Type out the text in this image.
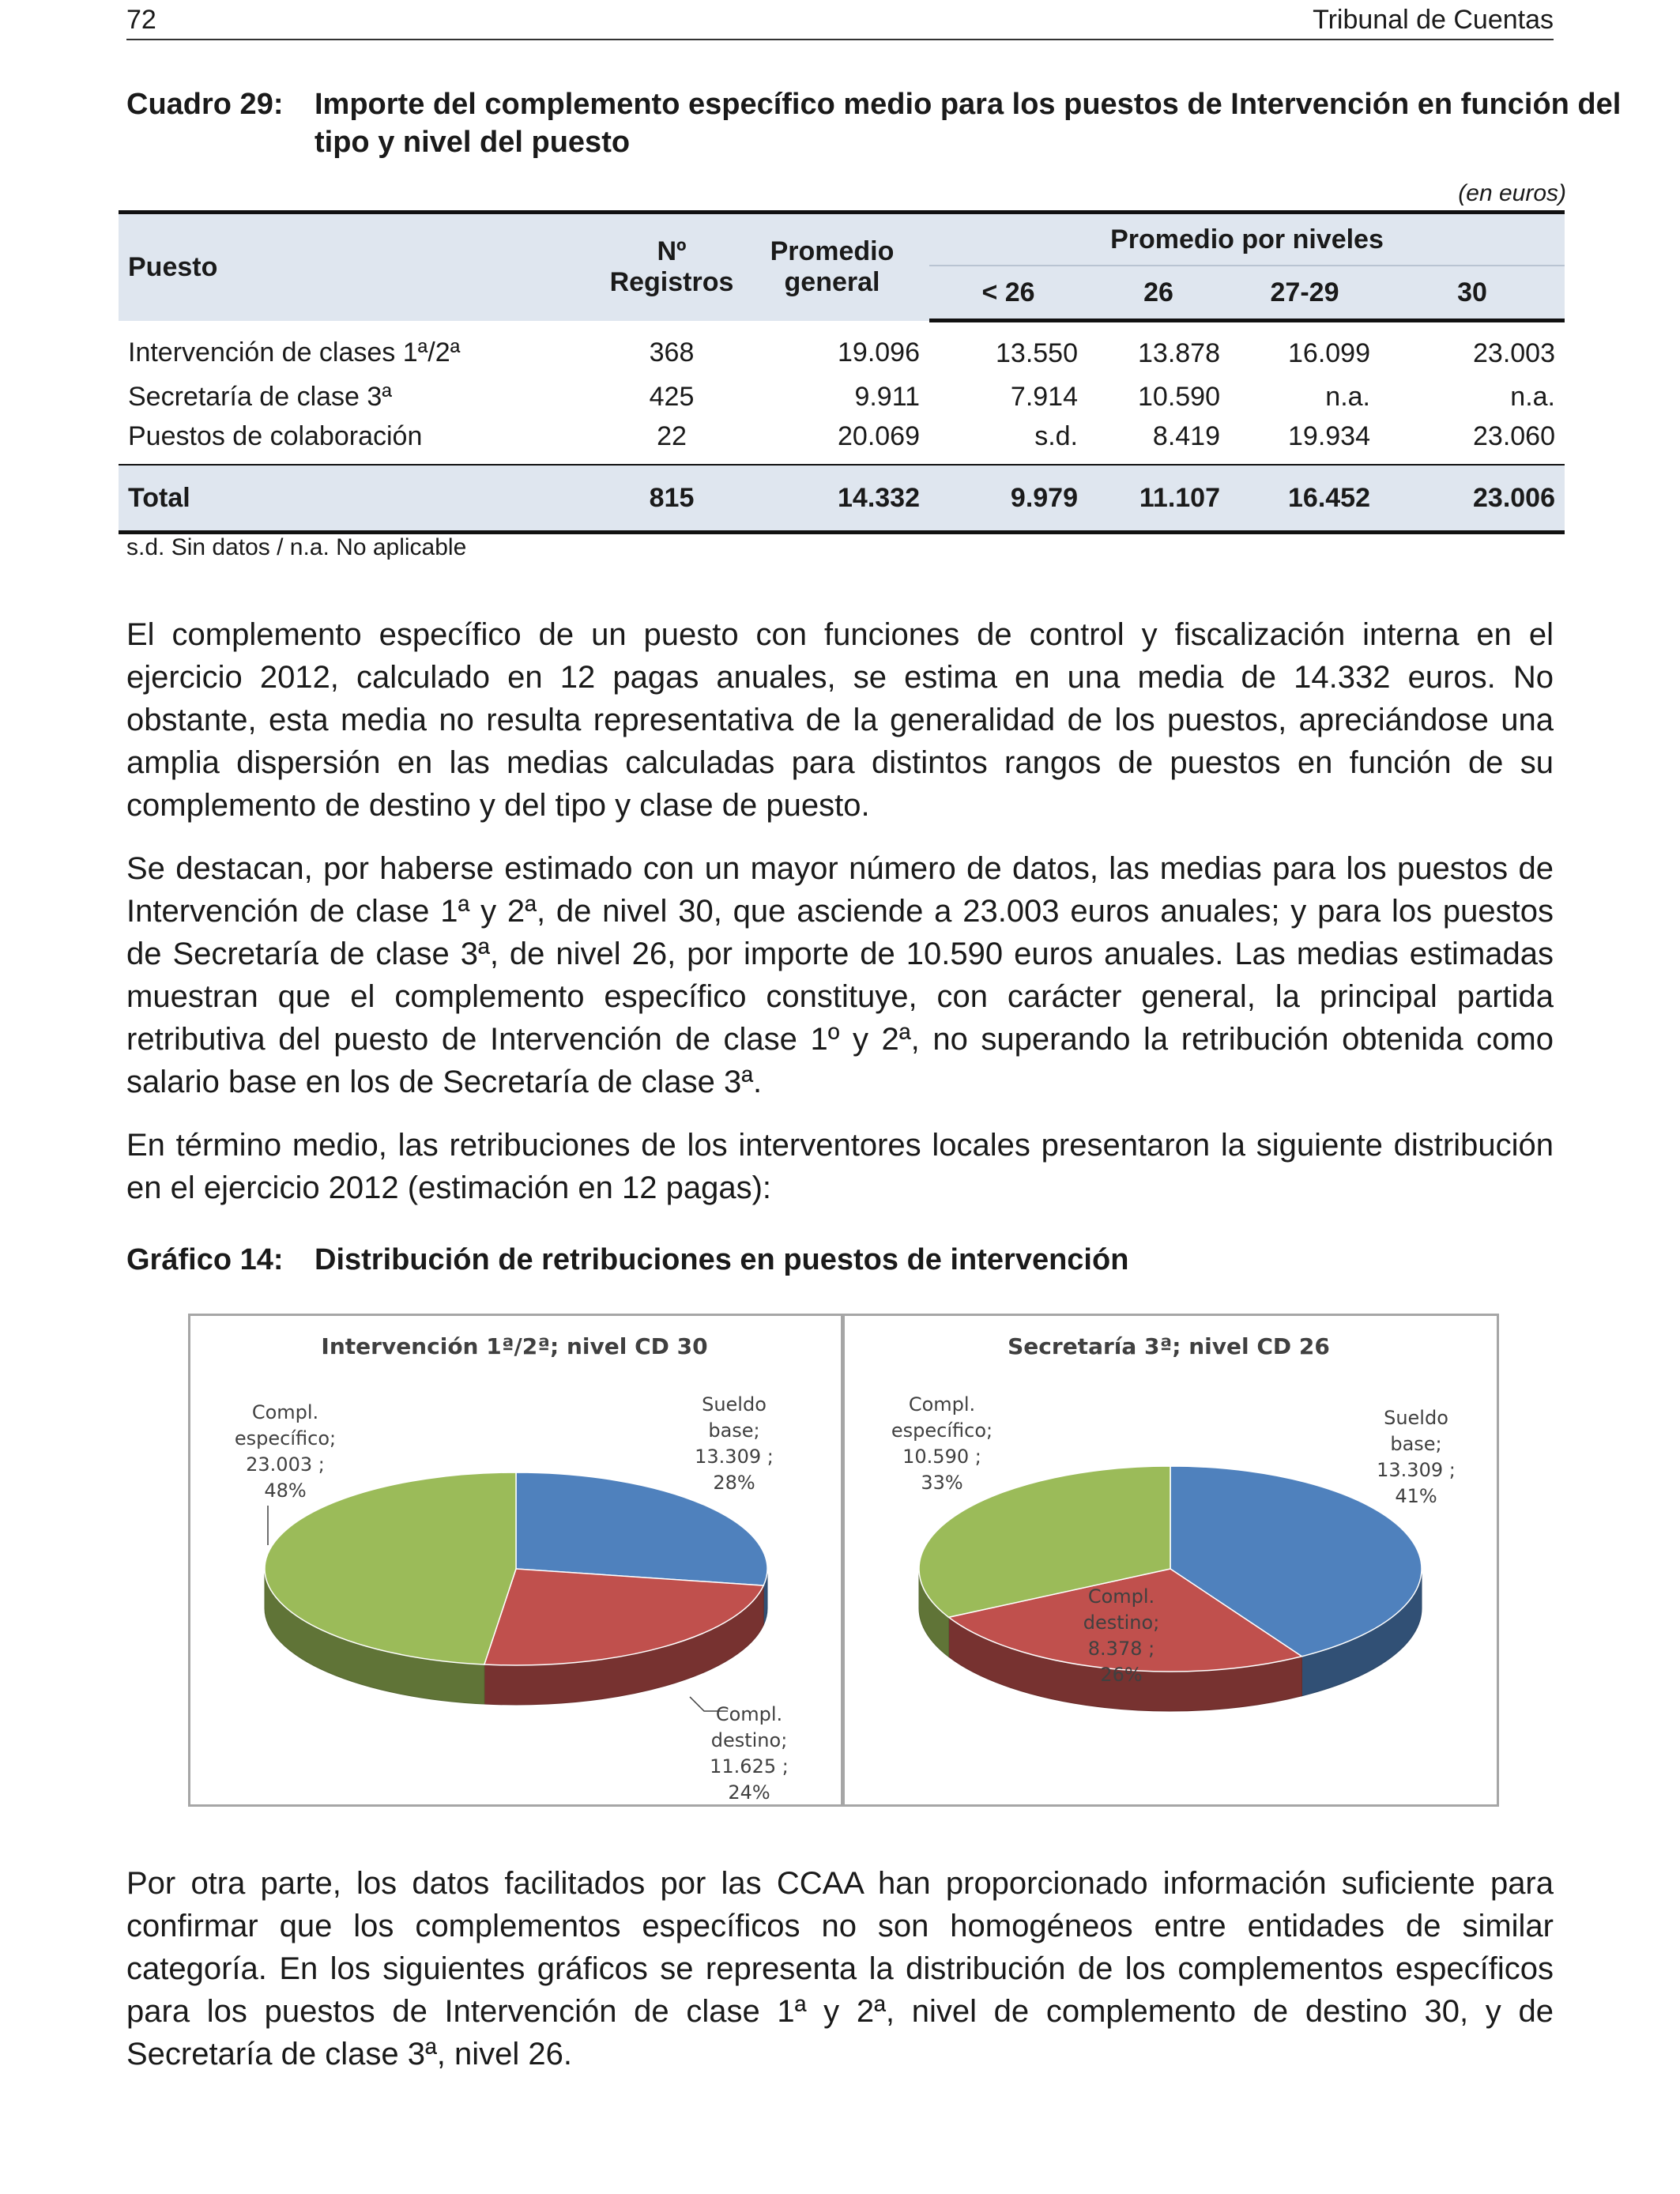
72	Tribunal de Cuentas
Cuadro 29: Importe del complemento específico medio para los puestos de Intervención en función del tipo y nivel del puesto
(en euros)
Puesto	Nº Registros	Promedio general	Promedio por niveles			
			< 26	26	27-29	30
Intervención de clases 1ª/2ª	368	19.096	13.550	13.878	16.099	23.003
Secretaría de clase 3ª	425	9.911	7.914	10.590	n.a.	n.a.
Puestos de colaboración	22	20.069	s.d.	8.419	19.934	23.060
Total	815	14.332	9.979	11.107	16.452	23.006
s.d. Sin datos / n.a. No aplicable

El complemento específico de un puesto con funciones de control y fiscalización interna en el ejercicio 2012, calculado en 12 pagas anuales, se estima en una media de 14.332 euros. No obstante, esta media no resulta representativa de la generalidad de los puestos, apreciándose una amplia dispersión en las medias calculadas para distintos rangos de puestos en función de su complemento de destino y del tipo y clase de puesto.

Se destacan, por haberse estimado con un mayor número de datos, las medias para los puestos de Intervención de clase 1ª y 2ª, de nivel 30, que asciende a 23.003 euros anuales; y para los puestos de Secretaría de clase 3ª, de nivel 26, por importe de 10.590 euros anuales. Las medias estimadas muestran que el complemento específico constituye, con carácter general, la principal partida retributiva del puesto de Intervención de clase 1º y 2ª, no superando la retribución obtenida como salario base en los de Secretaría de clase 3ª.

En término medio, las retribuciones de los interventores locales presentaron la siguiente distribución en el ejercicio 2012 (estimación en 12 pagas):

Gráfico 14: Distribución de retribuciones en puestos de intervención
Intervención 1ª/2ª; nivel CD 30
Sueldo base; 13.309 ; 28%
Compl. destino; 11.625 ; 24%
Compl. específico; 23.003 ; 48%
Secretaría 3ª; nivel CD 26
Sueldo base; 13.309 ; 41%
Compl. destino; 8.378 ; 26%
Compl. específico; 10.590 ; 33%

Por otra parte, los datos facilitados por las CCAA han proporcionado información suficiente para confirmar que los complementos específicos no son homogéneos entre entidades de similar categoría. En los siguientes gráficos se representa la distribución de los complementos específicos para los puestos de Intervención de clase 1ª y 2ª, nivel de complemento de destino 30, y de Secretaría de clase 3ª, nivel 26.
